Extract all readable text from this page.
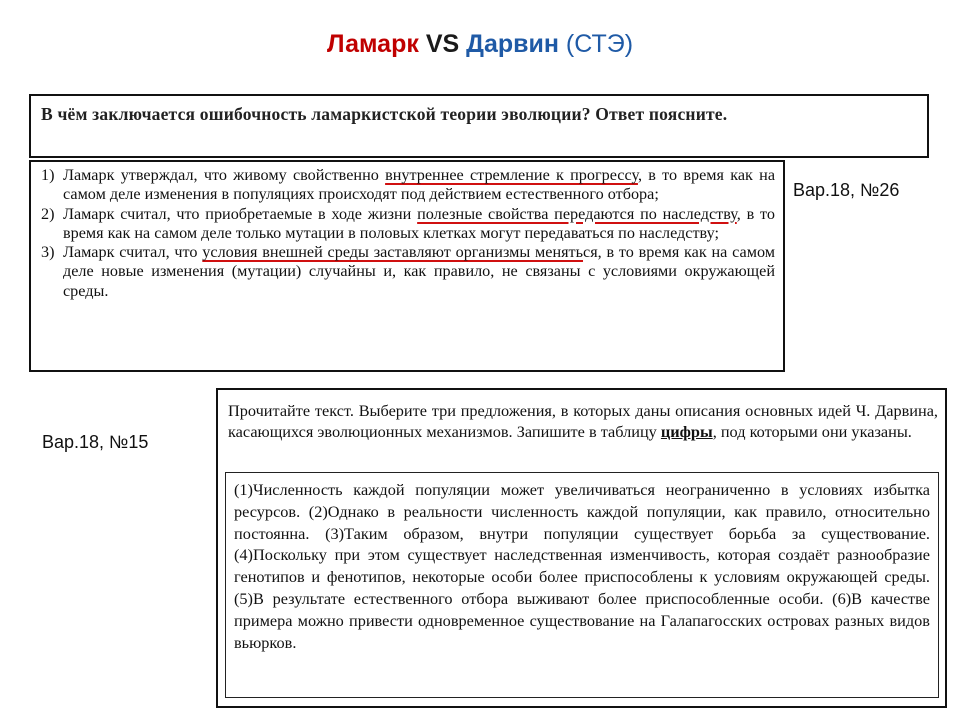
Ламарк VS Дарвин (СТЭ)
В чём заключается ошибочность ламаркистской теории эволюции? Ответ поясните.
1) Ламарк утверждал, что живому свойственно внутреннее стремление к прогрессу, в то время как на самом деле изменения в популяциях происходят под действием естественного отбора;
2) Ламарк считал, что приобретаемые в ходе жизни полезные свойства передаются по наследству, в то время как на самом деле только мутации в половых клетках могут передаваться по наследству;
3) Ламарк считал, что условия внешней среды заставляют организмы меняться, в то время как на самом деле новые изменения (мутации) случайны и, как правило, не связаны с условиями окружающей среды.
Вар.18, №26
Вар.18, №15
Прочитайте текст. Выберите три предложения, в которых даны описания основных идей Ч. Дарвина, касающихся эволюционных механизмов. Запишите в таблицу цифры, под которыми они указаны.
(1)Численность каждой популяции может увеличиваться неограниченно в условиях избытка ресурсов. (2)Однако в реальности численность каждой популяции, как правило, относительно постоянна. (3)Таким образом, внутри популяции существует борьба за существование. (4)Поскольку при этом существует наследственная изменчивость, которая создаёт разнообразие генотипов и фенотипов, некоторые особи более приспособлены к условиям окружающей среды. (5)В результате естественного отбора выживают более приспособленные особи. (6)В качестве примера можно привести одновременное существование на Галапагосских островах разных видов вьюрков.
